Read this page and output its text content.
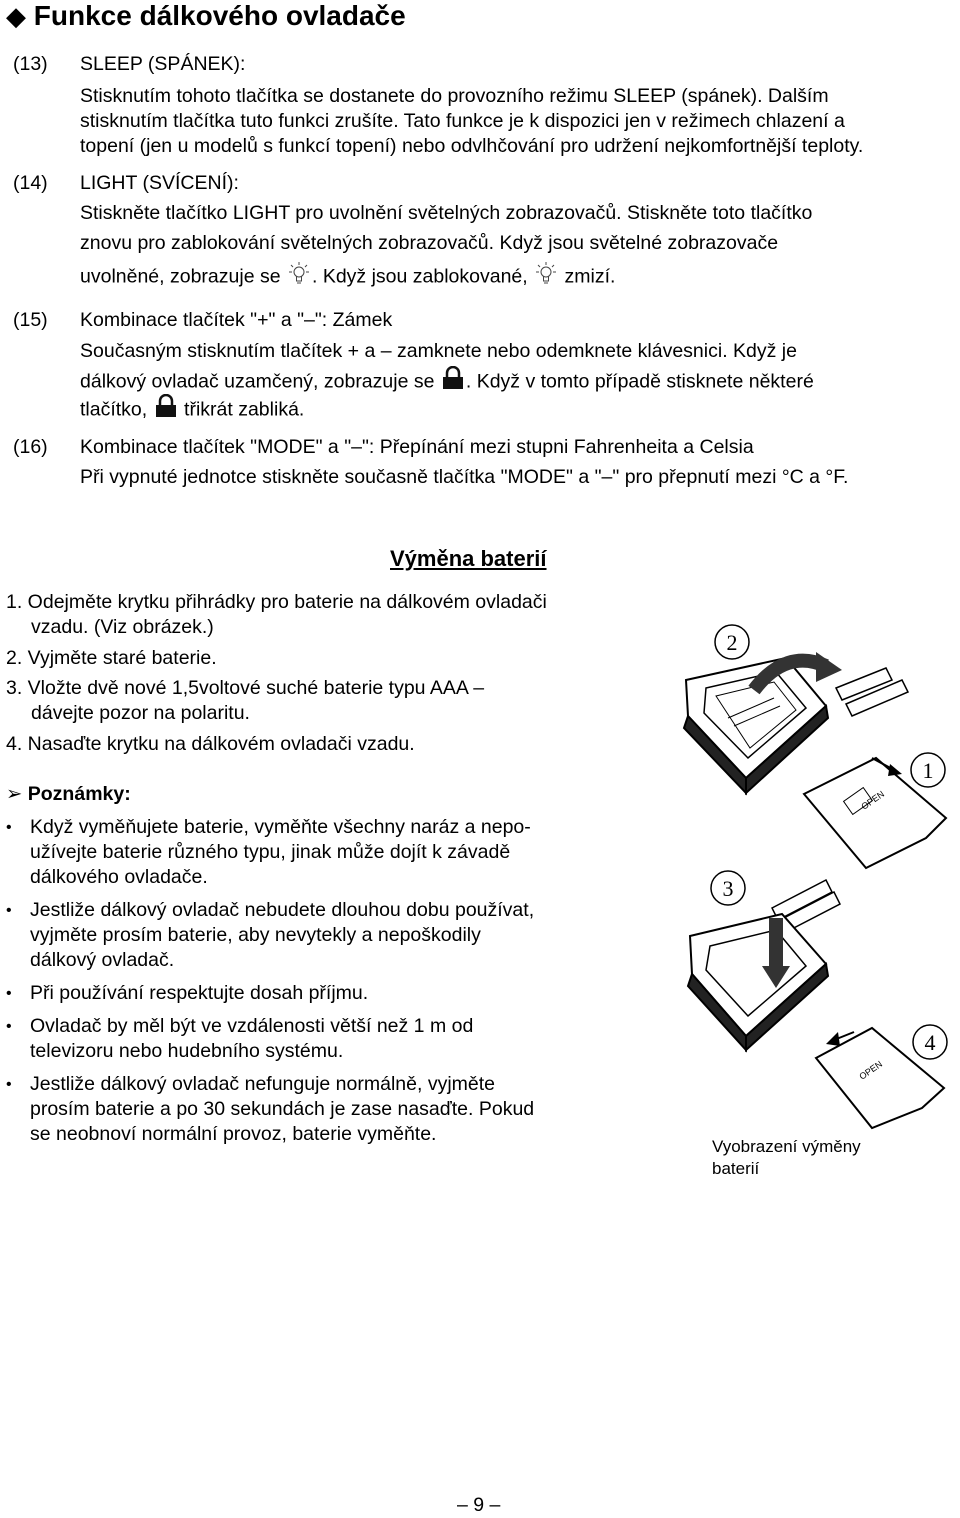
◆ Funkce dálkového ovladače
(13) SLEEP (SPÁNEK):
Stisknutím tohoto tlačítka se dostanete do provozního režimu SLEEP (spánek). Dalším
stisknutím tlačítka tuto funkci zrušíte. Tato funkce je k dispozici jen v režimech chlazení a
topení (jen u modelů s funkcí topení) nebo odvlhčování pro udržení nejkomfortnější teploty.
(14) LIGHT (SVÍCENÍ):
Stiskněte tlačítko LIGHT pro uvolnění světelných zobrazovačů. Stiskněte toto tlačítko
znovu pro zablokování světelných zobrazovačů. Když jsou světelné zobrazovače
uvolněné, zobrazuje se . Když jsou zablokované, zmizí.
(15) Kombinace tlačítek "+" a "–": Zámek
Současným stisknutím tlačítek + a – zamknete nebo odemknete klávesnici. Když je
dálkový ovladač uzamčený, zobrazuje se . Když v tomto případě stisknete některé
tlačítko, třikrát zabliká.
(16) Kombinace tlačítek "MODE" a "–": Přepínání mezi stupni Fahrenheita a Celsia
Při vypnuté jednotce stiskněte současně tlačítka "MODE" a "–" pro přepnutí mezi °C a °F.
Výměna baterií
1. Odejměte krytku přihrádky pro baterie na dálkovém ovladači
vzadu. (Viz obrázek.)
2. Vyjměte staré baterie.
3. Vložte dvě nové 1,5voltové suché baterie typu AAA –
dávejte pozor na polaritu.
4. Nasaďte krytku na dálkovém ovladači vzadu.
➢ Poznámky:
• Když vyměňujete baterie, vyměňte všechny naráz a nepo-
užívejte baterie různého typu, jinak může dojít k závadě
dálkového ovladače.
• Jestliže dálkový ovladač nebudete dlouhou dobu používat,
vyjměte prosím baterie, aby nevytekly a nepoškodily
dálkový ovladač.
• Při používání respektujte dosah příjmu.
• Ovladač by měl být ve vzdálenosti větší než 1 m od
televizoru nebo hudebního systému.
• Jestliže dálkový ovladač nefunguje normálně, vyjměte
prosím baterie a po 30 sekundách je zase nasaďte. Pokud
se neobnoví normální provoz, baterie vyměňte.
2
OPEN
1
3
4
OPEN
Vyobrazení výměny
baterií
– 9 –
